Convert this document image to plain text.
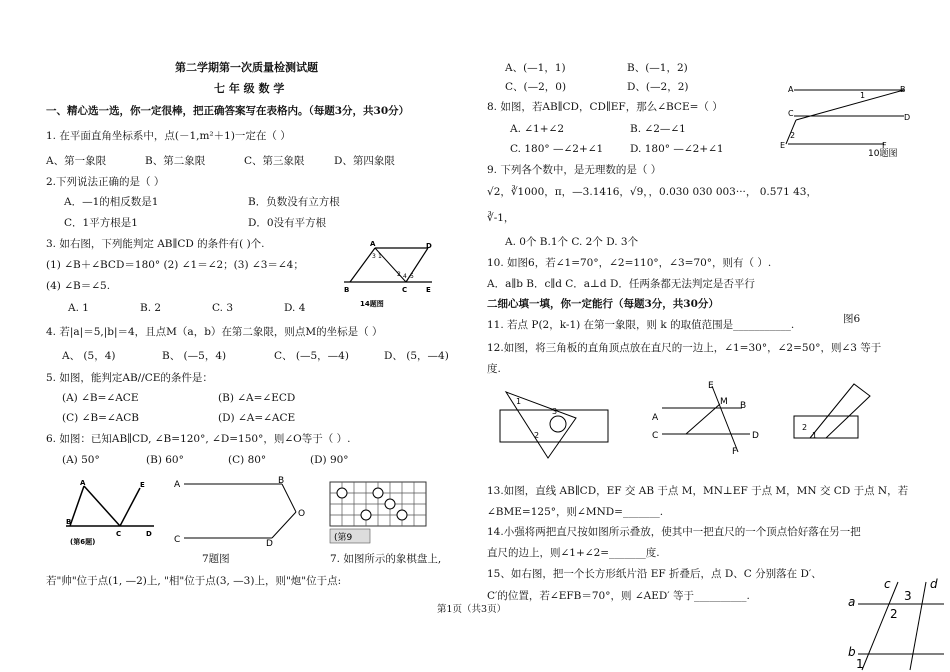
第二学期第一次质量检测试题
七 年 级 数 学
一、精心选一选，你一定很棒，把正确答案写在表格内。（每题3分，共30分）
1. 在平面直角坐标系中，点(－1,m²＋1)一定在（ ）
A、第一象限	B、第二象限	C、第三象限	D、第四象限
2.下列说法正确的是（ ）
A．—1的相反数是1	B．负数没有立方根
C．1平方根是1	D．0没有平方根
3. 如右图，下列能判定 AB∥CD 的条件有( )个.
(1) ∠B＋∠BCD＝180° (2) ∠1＝∠2；(3) ∠3＝∠4；
(4) ∠B＝∠5.
A. 1	B. 2	C. 3	D. 4
A	D
B	C	E
1
2
3
4 5
14题图
4. 若|a|＝5,|b|＝4，且点M（a，b）在第二象限，则点M的坐标是（ ）
A、 (5，4)	B、 (—5，4)	C、 (—5，—4)	D、 (5，—4)
5. 如图，能判定AB//CE的条件是：
(A) ∠B=∠ACE	(B) ∠A=∠ECD
(C) ∠B=∠ACB	(D) ∠A=∠ACE
6. 如图：已知AB∥CD, ∠B=120°, ∠D=150°，则∠O等于（ ）.
(A) 50°	(B) 60°	(C) 80°	(D) 90°
A
B
E
C	D
(第6题)
A	B
O
C	D
7题图
(第9
7. 如图所示的象棋盘上,
若"帅"位于点(1, —2)上, "相"位于点(3, —3)上，则"炮"位于点:
第1页（共3页）
A、(—1，1)	B、(—1，2)
C、(—2，0)	D、(—2，2)
8. 如图，若AB∥CD，CD∥EF，那么∠BCE=（ ）
A. ∠1+∠2	B. ∠2—∠1
C. 180° —∠2+∠1	D. 180° —∠2+∠1
A	B
C	D
E	F
1
2
10题图
9. 下列各个数中，是无理数的是（ ）
√2，∛1000，π，—3.1416，√9，，0.030 030 003···， 0.571 43，
∛-1，
A. 0个 B.1个 C. 2个 D. 3个
10. 如图6，若∠1=70°，∠2=110°，∠3=70°，则有（ ）.
A．a∥b B．c∥d C．a⊥d D．任两条都无法判定是否平行
二细心填一填，你一定能行（每题3分，共30分）
图6
11. 若点 P(2，k-1) 在第一象限，则 k 的取值范围是___________.
12.如图，将三角板的直角顶点放在直尺的一边上，∠1=30°，∠2=50°，则∠3 等于
度.
1
2
3
E
A
B
M
C	D
F
2
1
13.如图，直线 AB∥CD，EF 交 AB 于点 M，MN⊥EF 于点 M，MN 交 CD 于点 N，若
∠BME=125°，则∠MND=_______.
14.小强将两把直尺按如图所示叠放，使其中一把直尺的一个顶点恰好落在另一把
直尺的边上，则∠1+∠2=_______度.
15、如右图，把一个长方形纸片沿 EF 折叠后，点 D、C 分别落在 D′、
C′的位置，若∠EFB＝70°，则 ∠AED′ 等于__________.	a
b
c	d
1
2
3
